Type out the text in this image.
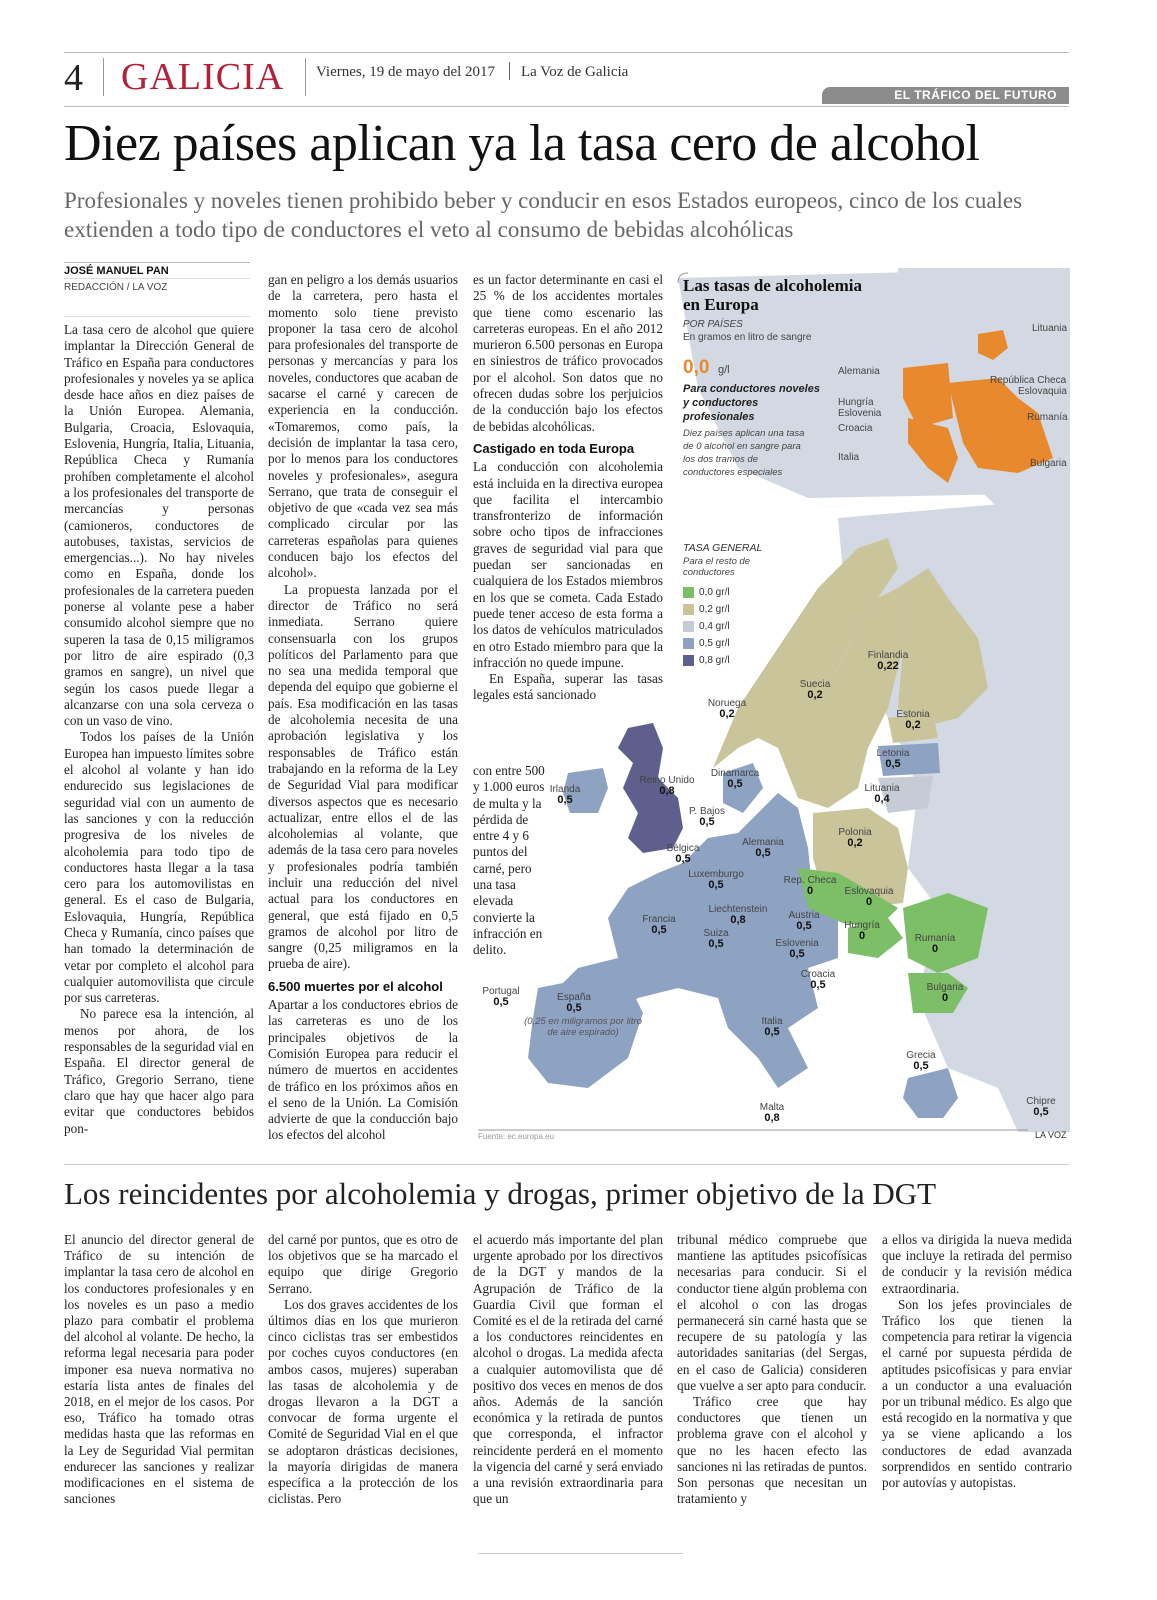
4 GALICIA Viernes, 19 de mayo del 2017 La Voz de Galicia
EL TRÁFICO DEL FUTURO
Diez países aplican ya la tasa cero de alcohol
Profesionales y noveles tienen prohibido beber y conducir en esos Estados europeos, cinco de los cuales extienden a todo tipo de conductores el veto al consumo de bebidas alcohólicas
JOSÉ MANUEL PAN
REDACCIÓN / LA VOZ

La tasa cero de alcohol que quiere implantar la Dirección General de Tráfico en España para conductores profesionales y noveles ya se aplica desde hace años en diez países de la Unión Europea. Alemania, Bulgaria, Croacia, Eslovaquia, Eslovenia, Hungría, Italia, Lituania, República Checa y Rumanía prohíben completamente el alcohol a los profesionales del transporte de mercancías y personas (camioneros, conductores de autobuses, taxistas, servicios de emergencias...). No hay niveles como en España, donde los profesionales de la carretera pueden ponerse al volante pese a haber consumido alcohol siempre que no superen la tasa de 0,15 miligramos por litro de aire espirado (0,3 gramos en sangre), un nivel que según los casos puede llegar a alcanzarse con una sola cerveza o con un vaso de vino.

Todos los países de la Unión Europea han impuesto límites sobre el alcohol al volante y han ido endurecido sus legislaciones de seguridad vial con un aumento de las sanciones y con la reducción progresiva de los niveles de alcoholemia para todo tipo de conductores hasta llegar a la tasa cero para los automovilistas en general. Es el caso de Bulgaria, Eslovaquia, Hungría, República Checa y Rumanía, cinco países que han tomado la determinación de vetar por completo el alcohol para cualquier automovilista que circule por sus carreteras.

No parece esa la intención, al menos por ahora, de los responsables de la seguridad vial en España. El director general de Tráfico, Gregorio Serrano, tiene claro que hay que hacer algo para evitar que conductores bebidos pon-

gan en peligro a los demás usuarios de la carretera, pero hasta el momento solo tiene previsto proponer la tasa cero de alcohol para profesionales del transporte de personas y mercancías y para los noveles, conductores que acaban de sacarse el carné y carecen de experiencia en la conducción. «Tomaremos, como país, la decisión de implantar la tasa cero, por lo menos para los conductores noveles y profesionales», asegura Serrano, que trata de conseguir el objetivo de que «cada vez sea más complicado circular por las carreteras españolas para quienes conducen bajo los efectos del alcohol».

La propuesta lanzada por el director de Tráfico no será inmediata. Serrano quiere consensuarla con los grupos políticos del Parlamento para que no sea una medida temporal que dependa del equipo que gobierne el país. Esa modificación en las tasas de alcoholemia necesita de una aprobación legislativa y los responsables de Tráfico están trabajando en la reforma de la Ley de Seguridad Vial para modificar diversos aspectos que es necesario actualizar, entre ellos el de las alcoholemias al volante, que además de la tasa cero para noveles y profesionales podría también incluir una reducción del nivel actual para los conductores en general, que está fijado en 0,5 gramos de alcohol por litro de sangre (0,25 miligramos en la prueba de aire).

6.500 muertes por el alcohol

Apartar a los conductores ebrios de las carreteras es uno de los principales objetivos de la Comisión Europea para reducir el número de muertos en accidentes de tráfico en los próximos años en el seno de la Unión. La Comisión advierte de que la conducción bajo los efectos del alcohol

es un factor determinante en casi el 25 % de los accidentes mortales que tiene como escenario las carreteras europeas. En el año 2012 murieron 6.500 personas en Europa en siniestros de tráfico provocados por el alcohol. Son datos que no ofrecen dudas sobre los perjuicios de la conducción bajo los efectos de bebidas alcohólicas.

Castigado en toda Europa

La conducción con alcoholemia está incluida en la directiva europea que facilita el intercambio transfronterizo de información sobre ocho tipos de infracciones graves de seguridad vial para que puedan ser sancionadas en cualquiera de los Estados miembros en los que se cometa. Cada Estado puede tener acceso de esta forma a los datos de vehículos matriculados en otro Estado miembro para que la infracción no quede impune.

En España, superar las tasas legales está sancionado

con entre 500 y 1.000 euros de multa y la pérdida de entre 4 y 6 puntos del carné, pero una tasa elevada convierte la infracción en delito.

Las tasas de alcoholemia en Europa
POR PAÍSES
En gramos en litro de sangre
0,0 g/l
Para conductores noveles y conductores profesionales
Diez países aplican una tasa de 0 alcohol en sangre para los dos tramos de conductores especiales
Lituania
Alemania
República Checa
Eslovaquia
Hungría
Eslovenia	Rumanía
Croacia
Italia
Bulgaria
TASA GENERAL
Para el resto de conductores
0,0 gr/l
0,2 gr/l
0,4 gr/l
0,5 gr/l
0,8 gr/l	Finlandia
0,22
Suecia
0,2
Noruega
0,2	Estonia
0,2
Letonia
0,5
Lituania
0,4
Irlanda
0,5
Reino Unido
0,8
Dinamarca
0,5
P. Bajos
0,5
Bélgica
0,5
Alemania
0,5
Polonia
0,2
Luxemburgo
0,5	Rep. Checa
0	Eslovaquia
0
Liechtenstein
0,8	Austria
0,5
Francia
0,5	Suiza
0,5
Hungría
0	Rumanía
0
Eslovenia
0,5
Croacia
0,5	Bulgaria
0
Portugal
0,5	España
0,5
Italia
0,5
Grecia
0,5
Malta
0,8
Chipre
0,5
(0,25 en miligramos por litro de aire espirado)
Fuente: ec.europa.eu	LA VOZ
Los reincidentes por alcoholemia y drogas, primer objetivo de la DGT

El anuncio del director general de Tráfico de su intención de implantar la tasa cero de alcohol en los conductores profesionales y en los noveles es un paso a medio plazo para combatir el problema del alcohol al volante. De hecho, la reforma legal necesaria para poder imponer esa nueva normativa no estaría lista antes de finales del 2018, en el mejor de los casos. Por eso, Tráfico ha tomado otras medidas hasta que las reformas en la Ley de Seguridad Vial permitan endurecer las sanciones y realizar modificaciones en el sistema de sanciones

del carné por puntos, que es otro de los objetivos que se ha marcado el equipo que dirige Gregorio Serrano.

Los dos graves accidentes de los últimos días en los que murieron cinco ciclistas tras ser embestidos por coches cuyos conductores (en ambos casos, mujeres) superaban las tasas de alcoholemia y de drogas llevaron a la DGT a convocar de forma urgente el Comité de Seguridad Vial en el que se adoptaron drásticas decisiones, la mayoría dirigidas de manera específica a la protección de los ciclistas. Pero

el acuerdo más importante del plan urgente aprobado por los directivos de la DGT y mandos de la Agrupación de Tráfico de la Guardia Civil que forman el Comité es el de la retirada del carné a los conductores reincidentes en alcohol o drogas. La medida afecta a cualquier automovilista que dé positivo dos veces en menos de dos años. Además de la sanción económica y la retirada de puntos que corresponda, el infractor reincidente perderá en el momento la vigencia del carné y será enviado a una revisión extraordinaria para que un

tribunal médico compruebe que mantiene las aptitudes psicofísicas necesarias para conducir. Si el conductor tiene algún problema con el alcohol o con las drogas permanecerá sin carné hasta que se recupere de su patología y las autoridades sanitarias (del Sergas, en el caso de Galicia) consideren que vuelve a ser apto para conducir.

Tráfico cree que hay conductores que tienen un problema grave con el alcohol y que no les hacen efecto las sanciones ni las retiradas de puntos. Son personas que necesitan un tratamiento y

a ellos va dirigida la nueva medida que incluye la retirada del permiso de conducir y la revisión médica extraordinaria.

Son los jefes provinciales de Tráfico los que tienen la competencia para retirar la vigencia el carné por supuesta pérdida de aptitudes psicofísicas y para enviar a un conductor a una evaluación por un tribunal médico. Es algo que está recogido en la normativa y que ya se viene aplicando a los conductores de edad avanzada sorprendidos en sentido contrario por autovías y autopistas.
